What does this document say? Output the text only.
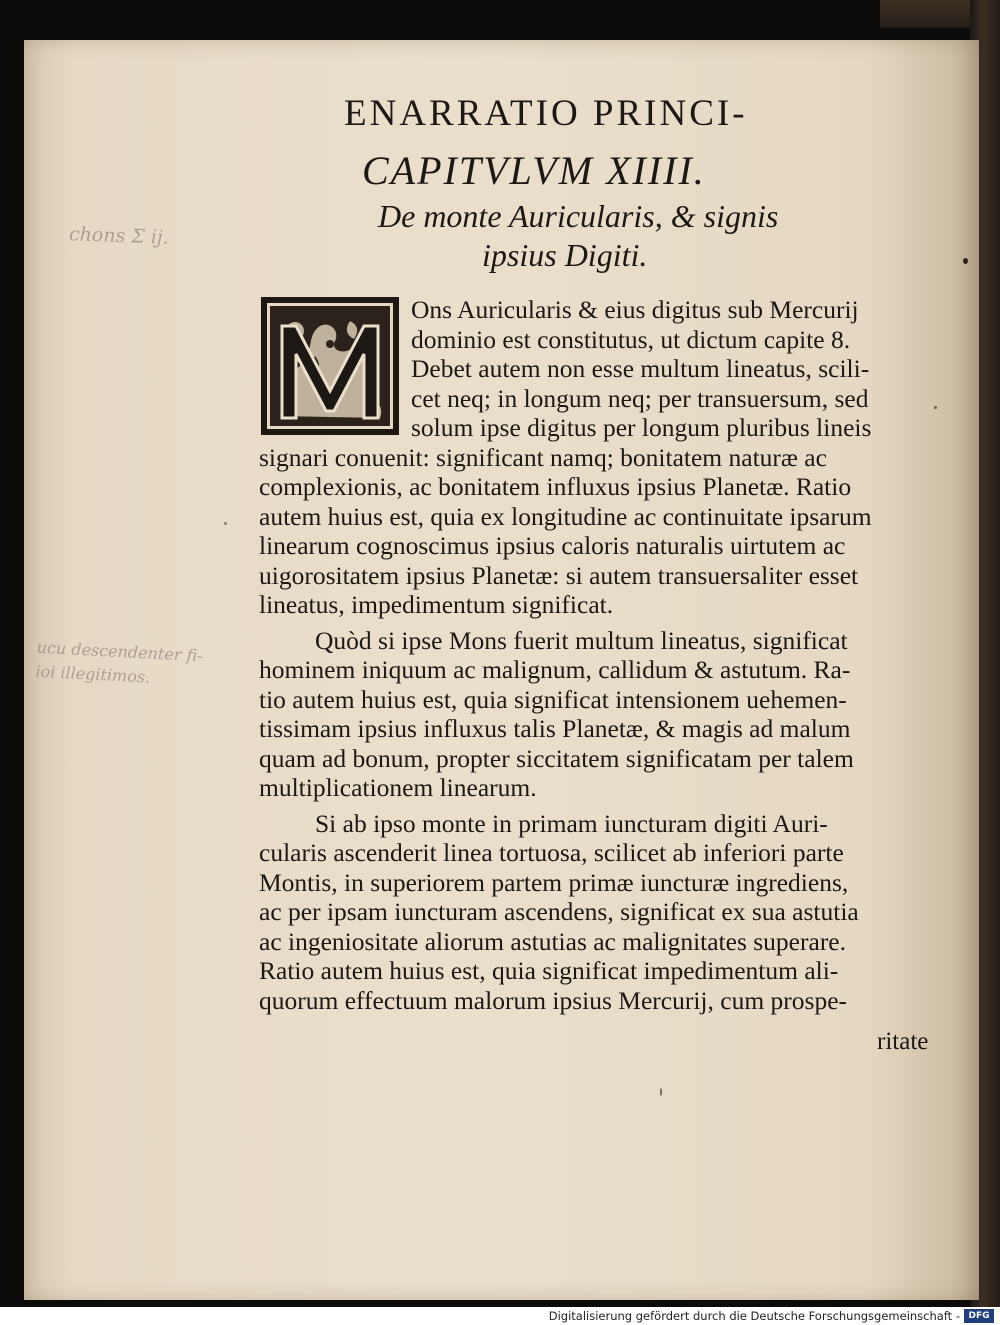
ENARRATIO PRINCI-
CAPITVLVM XIIII.
De monte Auricularis, & signis
ipsius Digiti.
chons Σ ij.
ucu descendenter fi-
ioi illegitimos.
Ons Auricularis & eius digitus sub Mercurij
dominio est constitutus, ut dictum capite 8.
Debet autem non esse multum lineatus, scili-
cet neq; in longum neq; per transuersum, sed
solum ipse digitus per longum pluribus lineis
signari conuenit: significant namq; bonitatem naturæ ac
complexionis, ac bonitatem influxus ipsius Planetæ. Ratio
autem huius est, quia ex longitudine ac continuitate ipsarum
linearum cognoscimus ipsius caloris naturalis uirtutem ac
uigorositatem ipsius Planetæ: si autem transuersaliter esset
lineatus, impedimentum significat.
Quòd si ipse Mons fuerit multum lineatus, significat
hominem iniquum ac malignum, callidum & astutum. Ra-
tio autem huius est, quia significat intensionem uehemen-
tissimam ipsius influxus talis Planetæ, & magis ad malum
quam ad bonum, propter siccitatem significatam per talem
multiplicationem linearum.
Si ab ipso monte in primam iuncturam digiti Auri-
cularis ascenderit linea tortuosa, scilicet ab inferiori parte
Montis, in superiorem partem primæ iuncturæ ingrediens,
ac per ipsam iuncturam ascendens, significat ex sua astutia
ac ingeniositate aliorum astutias ac malignitates superare.
Ratio autem huius est, quia significat impedimentum ali-
quorum effectuum malorum ipsius Mercurij, cum prospe-
ritate
Digitalisierung gefördert durch die Deutsche Forschungsgemeinschaft - DFG
